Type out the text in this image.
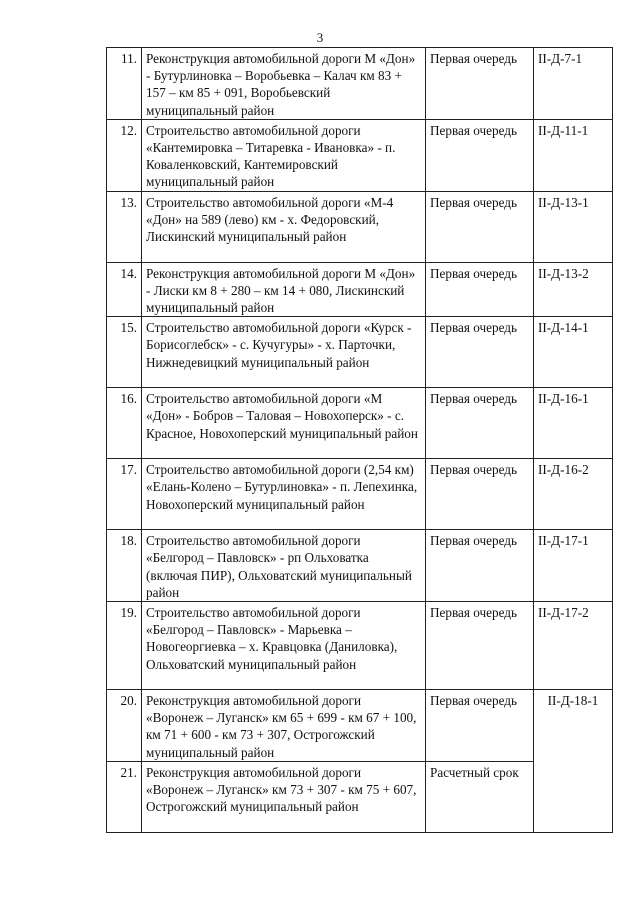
3
11.	Реконструкция автомобильной дороги М «Дон» - Бутурлиновка – Воробьевка – Калач км 83 + 157 – км 85 + 091, Воробьевский муниципальный район	Первая очередь	II-Д-7-1
12.	Строительство автомобильной дороги «Кантемировка – Титаревка - Ивановка» - п. Коваленковский, Кантемировский муниципальный район	Первая очередь	II-Д-11-1
13.	Строительство автомобильной дороги «М-4 «Дон» на 589 (лево) км - х. Федоровский, Лискинский муниципальный район	Первая очередь	II-Д-13-1
14.	Реконструкция автомобильной дороги М «Дон» - Лиски км 8 + 280 – км 14 + 080, Лискинский муниципальный район	Первая очередь	II-Д-13-2
15.	Строительство автомобильной дороги «Курск - Борисоглебск» - с. Кучугуры» - х. Парточки, Нижнедевицкий муниципальный район	Первая очередь	II-Д-14-1
16.	Строительство автомобильной дороги «М «Дон» - Бобров – Таловая – Новохоперск» - с. Красное, Новохоперский муниципальный район	Первая очередь	II-Д-16-1
17.	Строительство автомобильной дороги (2,54 км) «Елань-Колено – Бутурлиновка» - п. Лепехинка, Новохоперский муниципальный район	Первая очередь	II-Д-16-2
18.	Строительство автомобильной дороги «Белгород – Павловск» - рп Ольховатка (включая ПИР), Ольховатский муниципальный район	Первая очередь	II-Д-17-1
19.	Строительство автомобильной дороги «Белгород – Павловск» - Марьевка – Новогеоргиевка – х. Кравцовка (Даниловка), Ольховатский муниципальный район	Первая очередь	II-Д-17-2
20.	Реконструкция автомобильной дороги «Воронеж – Луганск» км 65 + 699 - км 67 + 100, км 71 + 600 - км 73 + 307, Острогожский муниципальный район	Первая очередь	II-Д-18-1
21.	Реконструкция автомобильной дороги «Воронеж – Луганск» км 73 + 307 - км 75 + 607, Острогожский муниципальный район	Расчетный срок	
